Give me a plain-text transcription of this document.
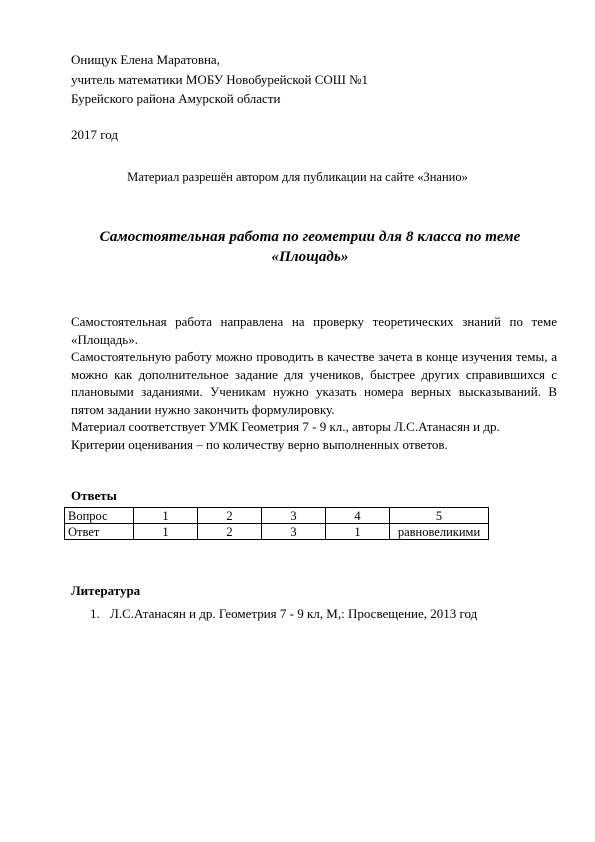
Онищук Елена Маратовна,
учитель математики МОБУ Новобурейской СОШ №1
Бурейского района Амурской области
2017 год
Материал разрешён автором для публикации на сайте «Знанио»
Самостоятельная работа по геометрии для 8 класса по теме
«Площадь»
Самостоятельная работа направлена на проверку теоретических знаний по теме «Площадь».
Самостоятельную работу можно проводить в качестве зачета в конце изучения темы, а можно как дополнительное задание для учеников, быстрее других справившихся с плановыми заданиями. Ученикам нужно указать номера верных высказываний. В пятом задании нужно закончить формулировку.
Материал соответствует УМК Геометрия 7 - 9 кл., авторы Л.С.Атанасян и др.
Критерии оценивания – по количеству верно выполненных ответов.
Ответы
Вопрос	1	2	3	4	5
Ответ	1	2	3	1	равновеликими
Литература
1. Л.С.Атанасян и др. Геометрия 7 - 9 кл, М,: Просвещение, 2013 год
